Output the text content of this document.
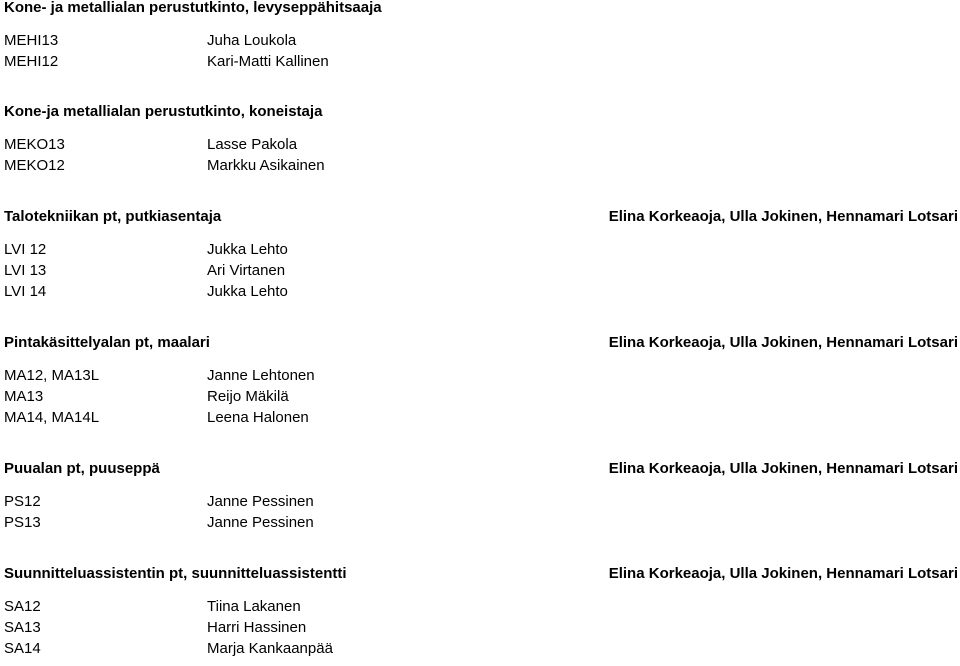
Kone- ja metallialan perustutkinto, levyseppähitsaaja
MEHI13	Juha Loukola
MEHI12	Kari-Matti Kallinen
Kone-ja metallialan perustutkinto, koneistaja
MEKO13	Lasse Pakola
MEKO12	Markku Asikainen
Talotekniikan pt, putkiasentaja	Elina Korkeaoja, Ulla Jokinen, Hennamari Lotsari
LVI 12	Jukka Lehto
LVI 13	Ari Virtanen
LVI 14	Jukka Lehto
Pintakäsittelyalan pt, maalari	Elina Korkeaoja, Ulla Jokinen, Hennamari Lotsari
MA12, MA13L	Janne Lehtonen
MA13	Reijo Mäkilä
MA14, MA14L	Leena Halonen
Puualan pt, puuseppä	Elina Korkeaoja, Ulla Jokinen, Hennamari Lotsari
PS12	Janne Pessinen
PS13	Janne Pessinen
Suunnitteluassistentin pt, suunnitteluassistentti	Elina Korkeaoja, Ulla Jokinen, Hennamari Lotsari
SA12	Tiina Lakanen
SA13	Harri Hassinen
SA14	Marja Kankaanpää
